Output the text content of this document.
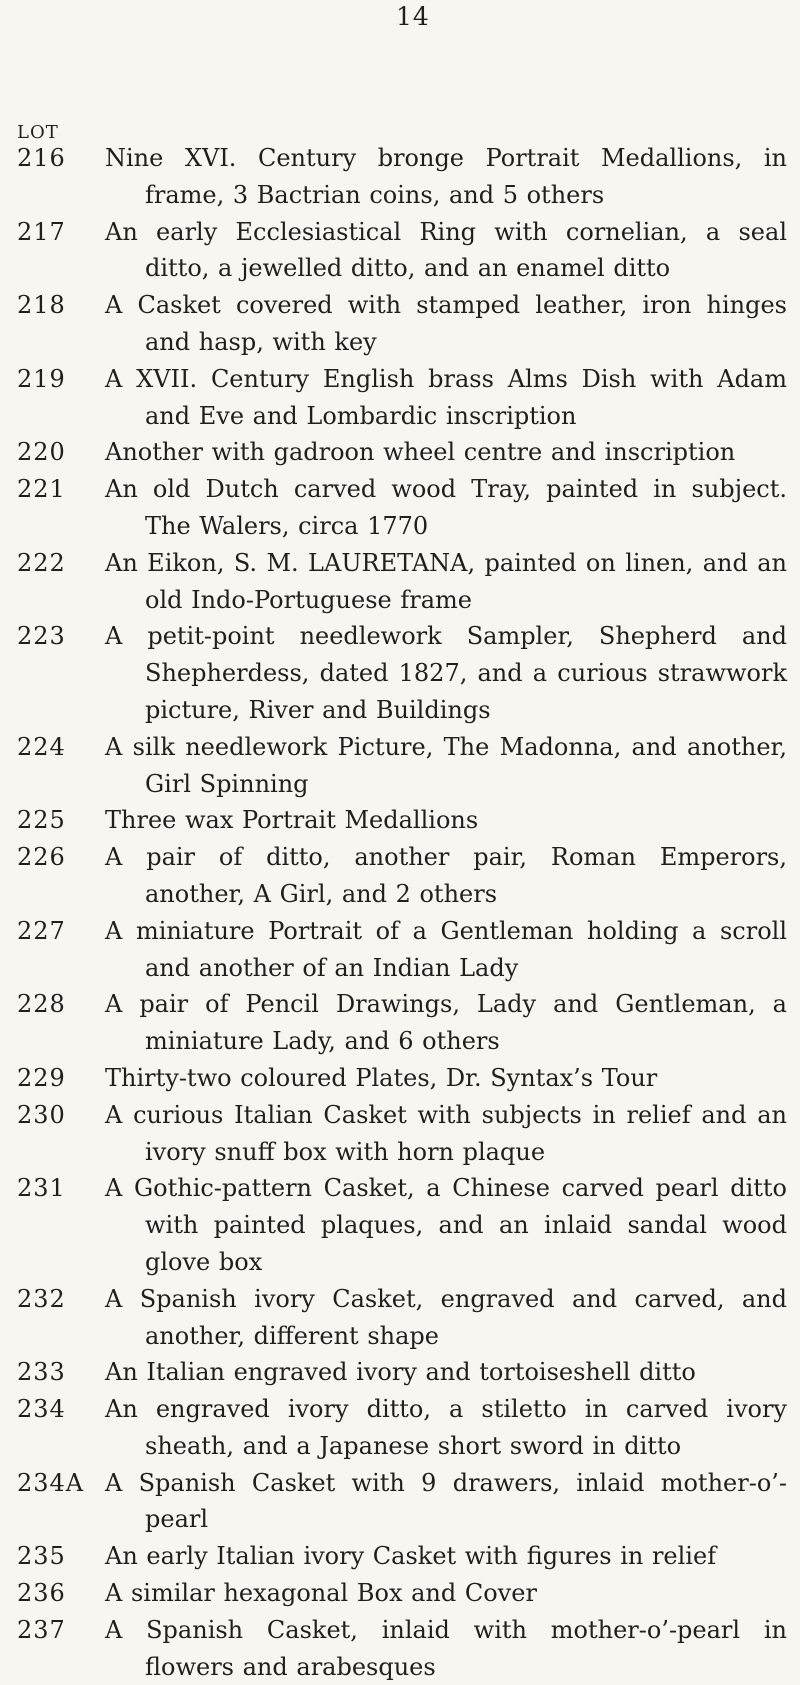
14
LOT
216	Nine XVI. Century bronge Portrait Medallions, in frame, 3 Bactrian coins, and 5 others
217	An early Ecclesiastical Ring with cornelian, a seal ditto, a jewelled ditto, and an enamel ditto
218	A Casket covered with stamped leather, iron hinges and hasp, with key
219	A XVII. Century English brass Alms Dish with Adam and Eve and Lombardic inscription
220	Another with gadroon wheel centre and inscription
221	An old Dutch carved wood Tray, painted in subject. The Walers, circa 1770
222	An Eikon, S. M. LAURETANA, painted on linen, and an old Indo-Portuguese frame
223	A petit-point needlework Sampler, Shepherd and Shepherdess, dated 1827, and a curious strawwork picture, River and Buildings
224	A silk needlework Picture, The Madonna, and another, Girl Spinning
225	Three wax Portrait Medallions
226	A pair of ditto, another pair, Roman Emperors, another, A Girl, and 2 others
227	A miniature Portrait of a Gentleman holding a scroll and another of an Indian Lady
228	A pair of Pencil Drawings, Lady and Gentleman, a miniature Lady, and 6 others
229	Thirty-two coloured Plates, Dr. Syntax’s Tour
230	A curious Italian Casket with subjects in relief and an ivory snuff box with horn plaque
231	A Gothic-pattern Casket, a Chinese carved pearl ditto with painted plaques, and an inlaid sandal wood glove box
232	A Spanish ivory Casket, engraved and carved, and another, different shape
233	An Italian engraved ivory and tortoiseshell ditto
234	An engraved ivory ditto, a stiletto in carved ivory sheath, and a Japanese short sword in ditto
234A A Spanish Casket with 9 drawers, inlaid mother-o’-pearl
235	An early Italian ivory Casket with figures in relief
236	A similar hexagonal Box and Cover
237	A Spanish Casket, inlaid with mother-o’-pearl in flowers and arabesques
